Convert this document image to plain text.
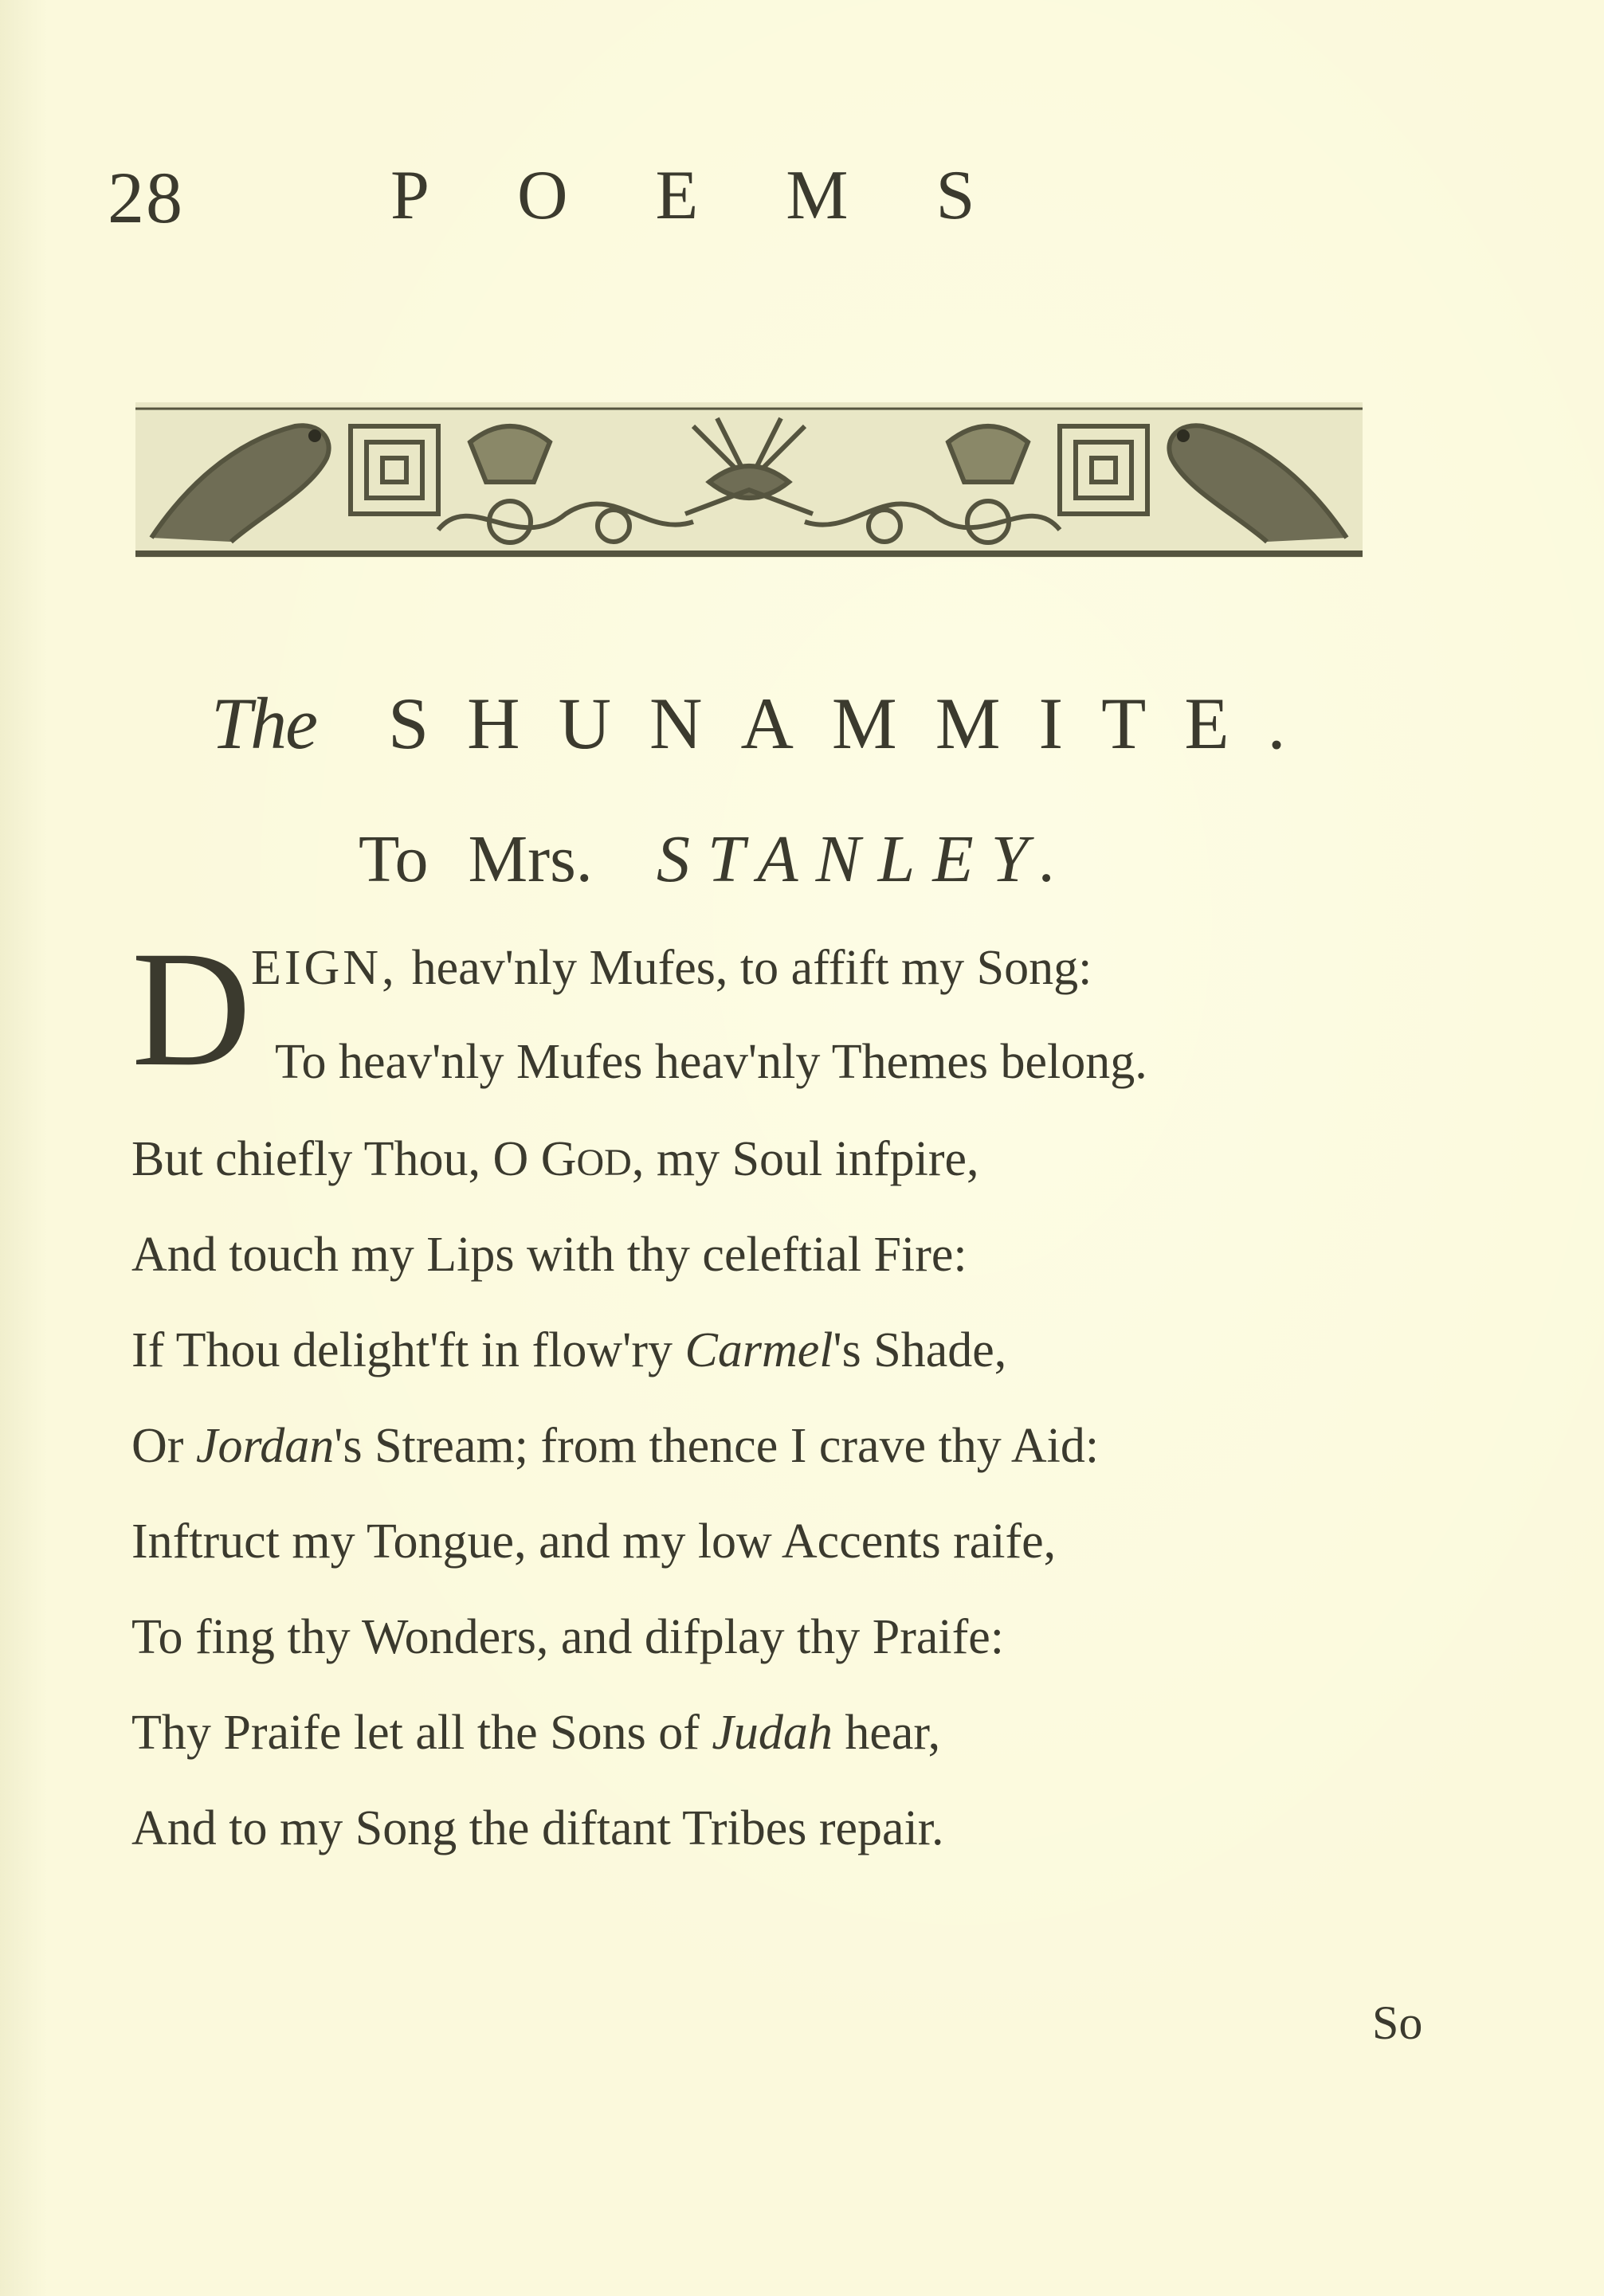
28	POEMS
The SHUNAMMITE.
To Mrs. STANLEY.
D EIGN, heav'nly Mufes, to affift my Song:
To heav'nly Mufes heav'nly Themes belong.
But chiefly Thou, O GOD, my Soul infpire,
And touch my Lips with thy celeftial Fire:
If Thou delight'ft in flow'ry Carmel's Shade,
Or Jordan's Stream; from thence I crave thy Aid:
Inftruct my Tongue, and my low Accents raife,
To fing thy Wonders, and difplay thy Praife:
Thy Praife let all the Sons of Judah hear,
And to my Song the diftant Tribes repair.
So
